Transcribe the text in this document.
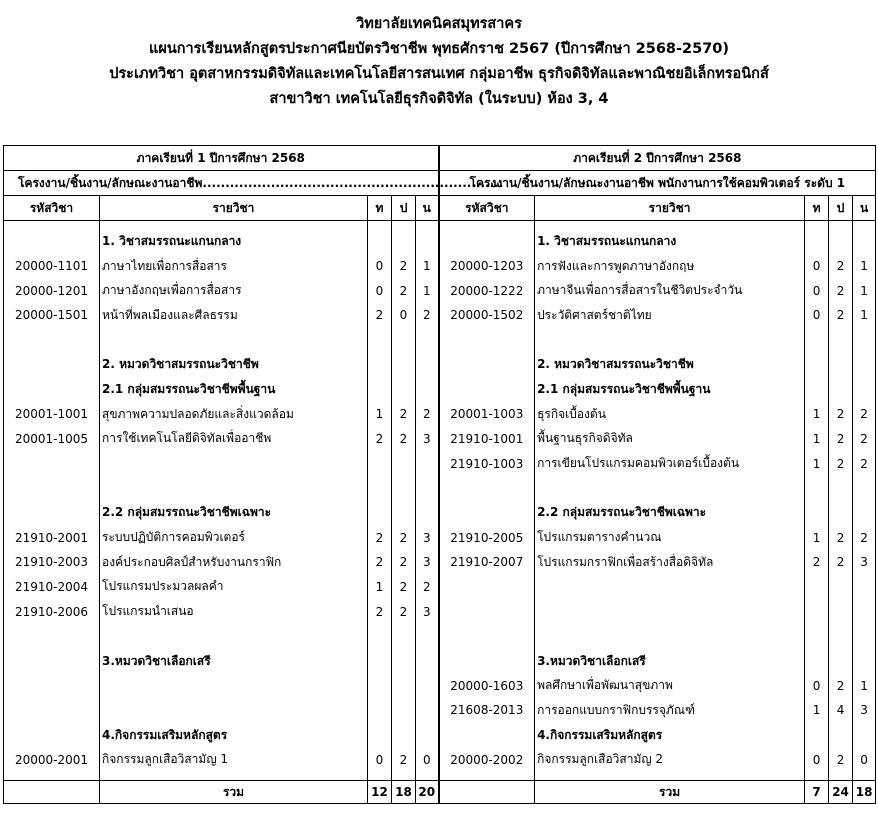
วิทยาลัยเทคนิคสมุทรสาคร
แผนการเรียนหลักสูตรประกาศนียบัตรวิชาชีพ พุทธศักราช 2567 (ปีการศึกษา 2568-2570)
ประเภทวิชา อุตสาหกรรมดิจิทัลและเทคโนโลยีสารสนเทศ กลุ่มอาชีพ ธุรกิจดิจิทัลและพาณิชยอิเล็กทรอนิกส์
สาขาวิชา เทคโนโลยีธุรกิจดิจิทัล (ในระบบ) ห้อง 3, 4
ภาคเรียนที่ 1 ปีการศึกษา 2568					ภาคเรียนที่ 2 ปีการศึกษา 2568				
โครงงาน/ชิ้นงาน/ลักษณะงานอาชีพ..................................................................					โครงงาน/ชิ้นงาน/ลักษณะงานอาชีพ พนักงานการใช้คอมพิวเตอร์ ระดับ 1				
รหัสวิชา	รายวิชา	ท	ป	น	รหัสวิชา	รายวิชา	ท	ป	น

	1. วิชาสมรรถนะแกนกลาง					1. วิชาสมรรถนะแกนกลาง			
20000-1101	ภาษาไทยเพื่อการสื่อสาร	0	2	1	20000-1203	การฟังและการพูดภาษาอังกฤษ	0	2	1
20000-1201	ภาษาอังกฤษเพื่อการสื่อสาร	0	2	1	20000-1222	ภาษาจีนเพื่อการสื่อสารในชีวิตประจำวัน	0	2	1
20000-1501	หน้าที่พลเมืองและศีลธรรม	2	0	2	20000-1502	ประวัติศาสตร์ชาติไทย	0	2	1

	2. หมวดวิชาสมรรถนะวิชาชีพ					2. หมวดวิชาสมรรถนะวิชาชีพ			
	2.1 กลุ่มสมรรถนะวิชาชีพพื้นฐาน					2.1 กลุ่มสมรรถนะวิชาชีพพื้นฐาน			
20001-1001	สุขภาพความปลอดภัยและสิ่งแวดล้อม	1	2	2	20001-1003	ธุรกิจเบื้องต้น	1	2	2
20001-1005	การใช้เทคโนโลยีดิจิทัลเพื่ออาชีพ	2	2	3	21910-1001	พื้นฐานธุรกิจดิจิทัล	1	2	2
					21910-1003	การเขียนโปรแกรมคอมพิวเตอร์เบื้องต้น	1	2	2

	2.2 กลุ่มสมรรถนะวิชาชีพเฉพาะ					2.2 กลุ่มสมรรถนะวิชาชีพเฉพาะ			
21910-2001	ระบบปฏิบัติการคอมพิวเตอร์	2	2	3	21910-2005	โปรแกรมตารางคำนวณ	1	2	2
21910-2003	องค์ประกอบศิลป์สำหรับงานกราฟิก	2	2	3	21910-2007	โปรแกรมกราฟิกเพื่อสร้างสื่อดิจิทัล	2	2	3
21910-2004	โปรแกรมประมวลผลคำ	1	2	2					
21910-2006	โปรแกรมนำเสนอ	2	2	3					

	3.หมวดวิชาเลือกเสรี					3.หมวดวิชาเลือกเสรี			
					20000-1603	พลศึกษาเพื่อพัฒนาสุขภาพ	0	2	1
					21608-2013	การออกแบบกราฟิกบรรจุภัณฑ์	1	4	3
	4.กิจกรรมเสริมหลักสูตร					4.กิจกรรมเสริมหลักสูตร			
20000-2001	กิจกรรมลูกเสือวิสามัญ 1	0	2	0	20000-2002	กิจกรรมลูกเสือวิสามัญ 2	0	2	0

	รวม	12	18	20		รวม	7	24	18
